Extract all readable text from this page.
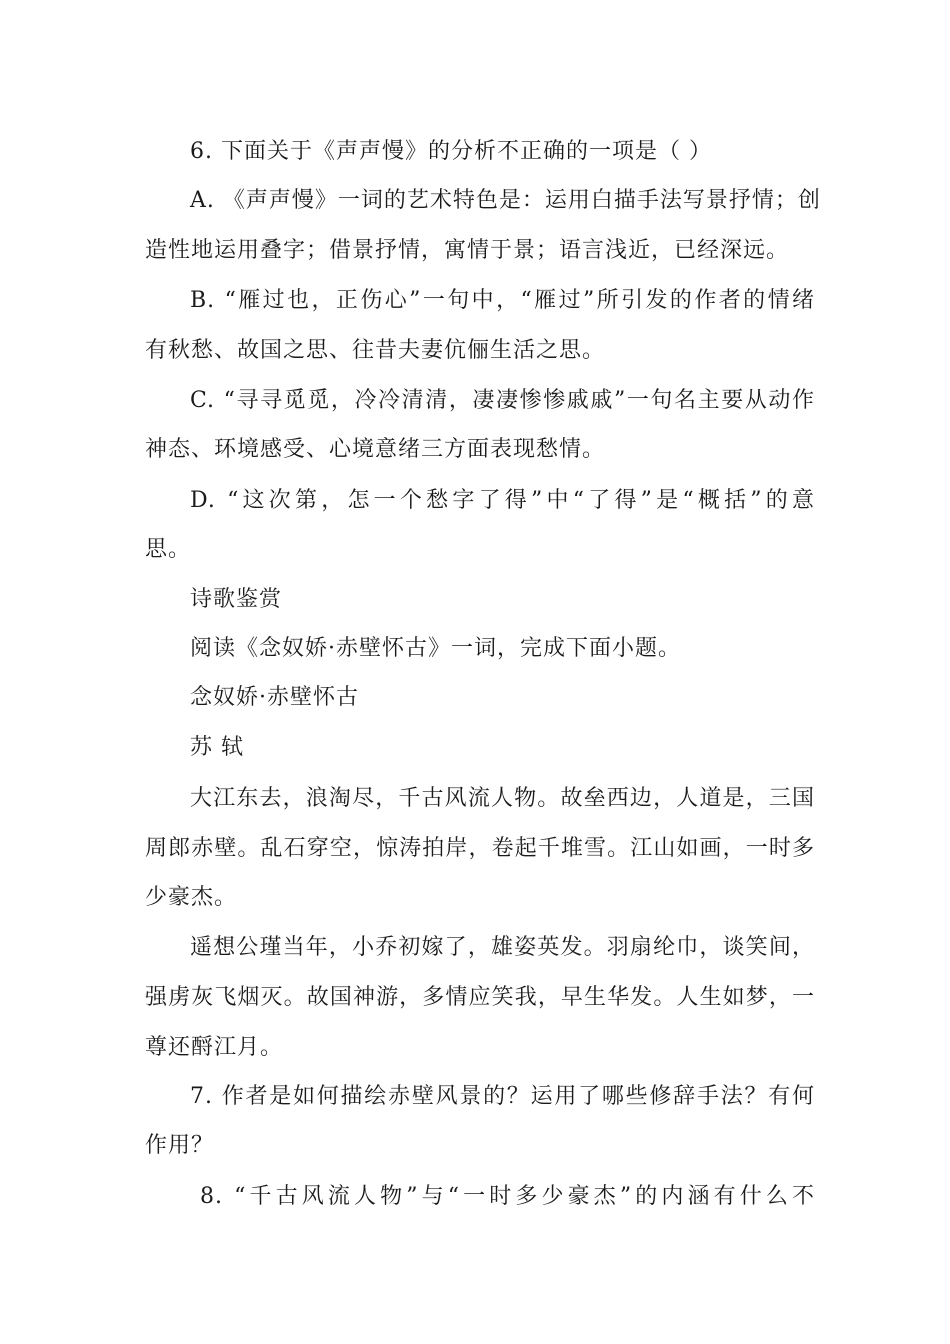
6. 下面关于《声声慢》的分析不正确的一项是（ ）
A. 《声声慢》一词的艺术特色是：运用白描手法写景抒情；创
造性地运用叠字；借景抒情，寓情于景；语言浅近，已经深远。
B. “雁过也，正伤心”一句中，“雁过”所引发的作者的情绪
有秋愁、故国之思、往昔夫妻伉俪生活之思。
C. “寻寻觅觅，冷冷清清，凄凄惨惨戚戚”一句名主要从动作
神态、环境感受、心境意绪三方面表现愁情。
D. “这次第，怎一个愁字了得”中“了得”是“概括”的意
思。
诗歌鉴赏
阅读《念奴娇·赤壁怀古》一词，完成下面小题。
念奴娇·赤壁怀古
苏 轼
大江东去，浪淘尽，千古风流人物。故垒西边，人道是，三国
周郎赤壁。乱石穿空，惊涛拍岸，卷起千堆雪。江山如画，一时多
少豪杰。
遥想公瑾当年，小乔初嫁了，雄姿英发。羽扇纶巾，谈笑间，
强虏灰飞烟灭。故国神游，多情应笑我，早生华发。人生如梦，一
尊还酹江月。
7. 作者是如何描绘赤壁风景的？运用了哪些修辞手法？有何
作用？
8. “千古风流人物”与“一时多少豪杰”的内涵有什么不
